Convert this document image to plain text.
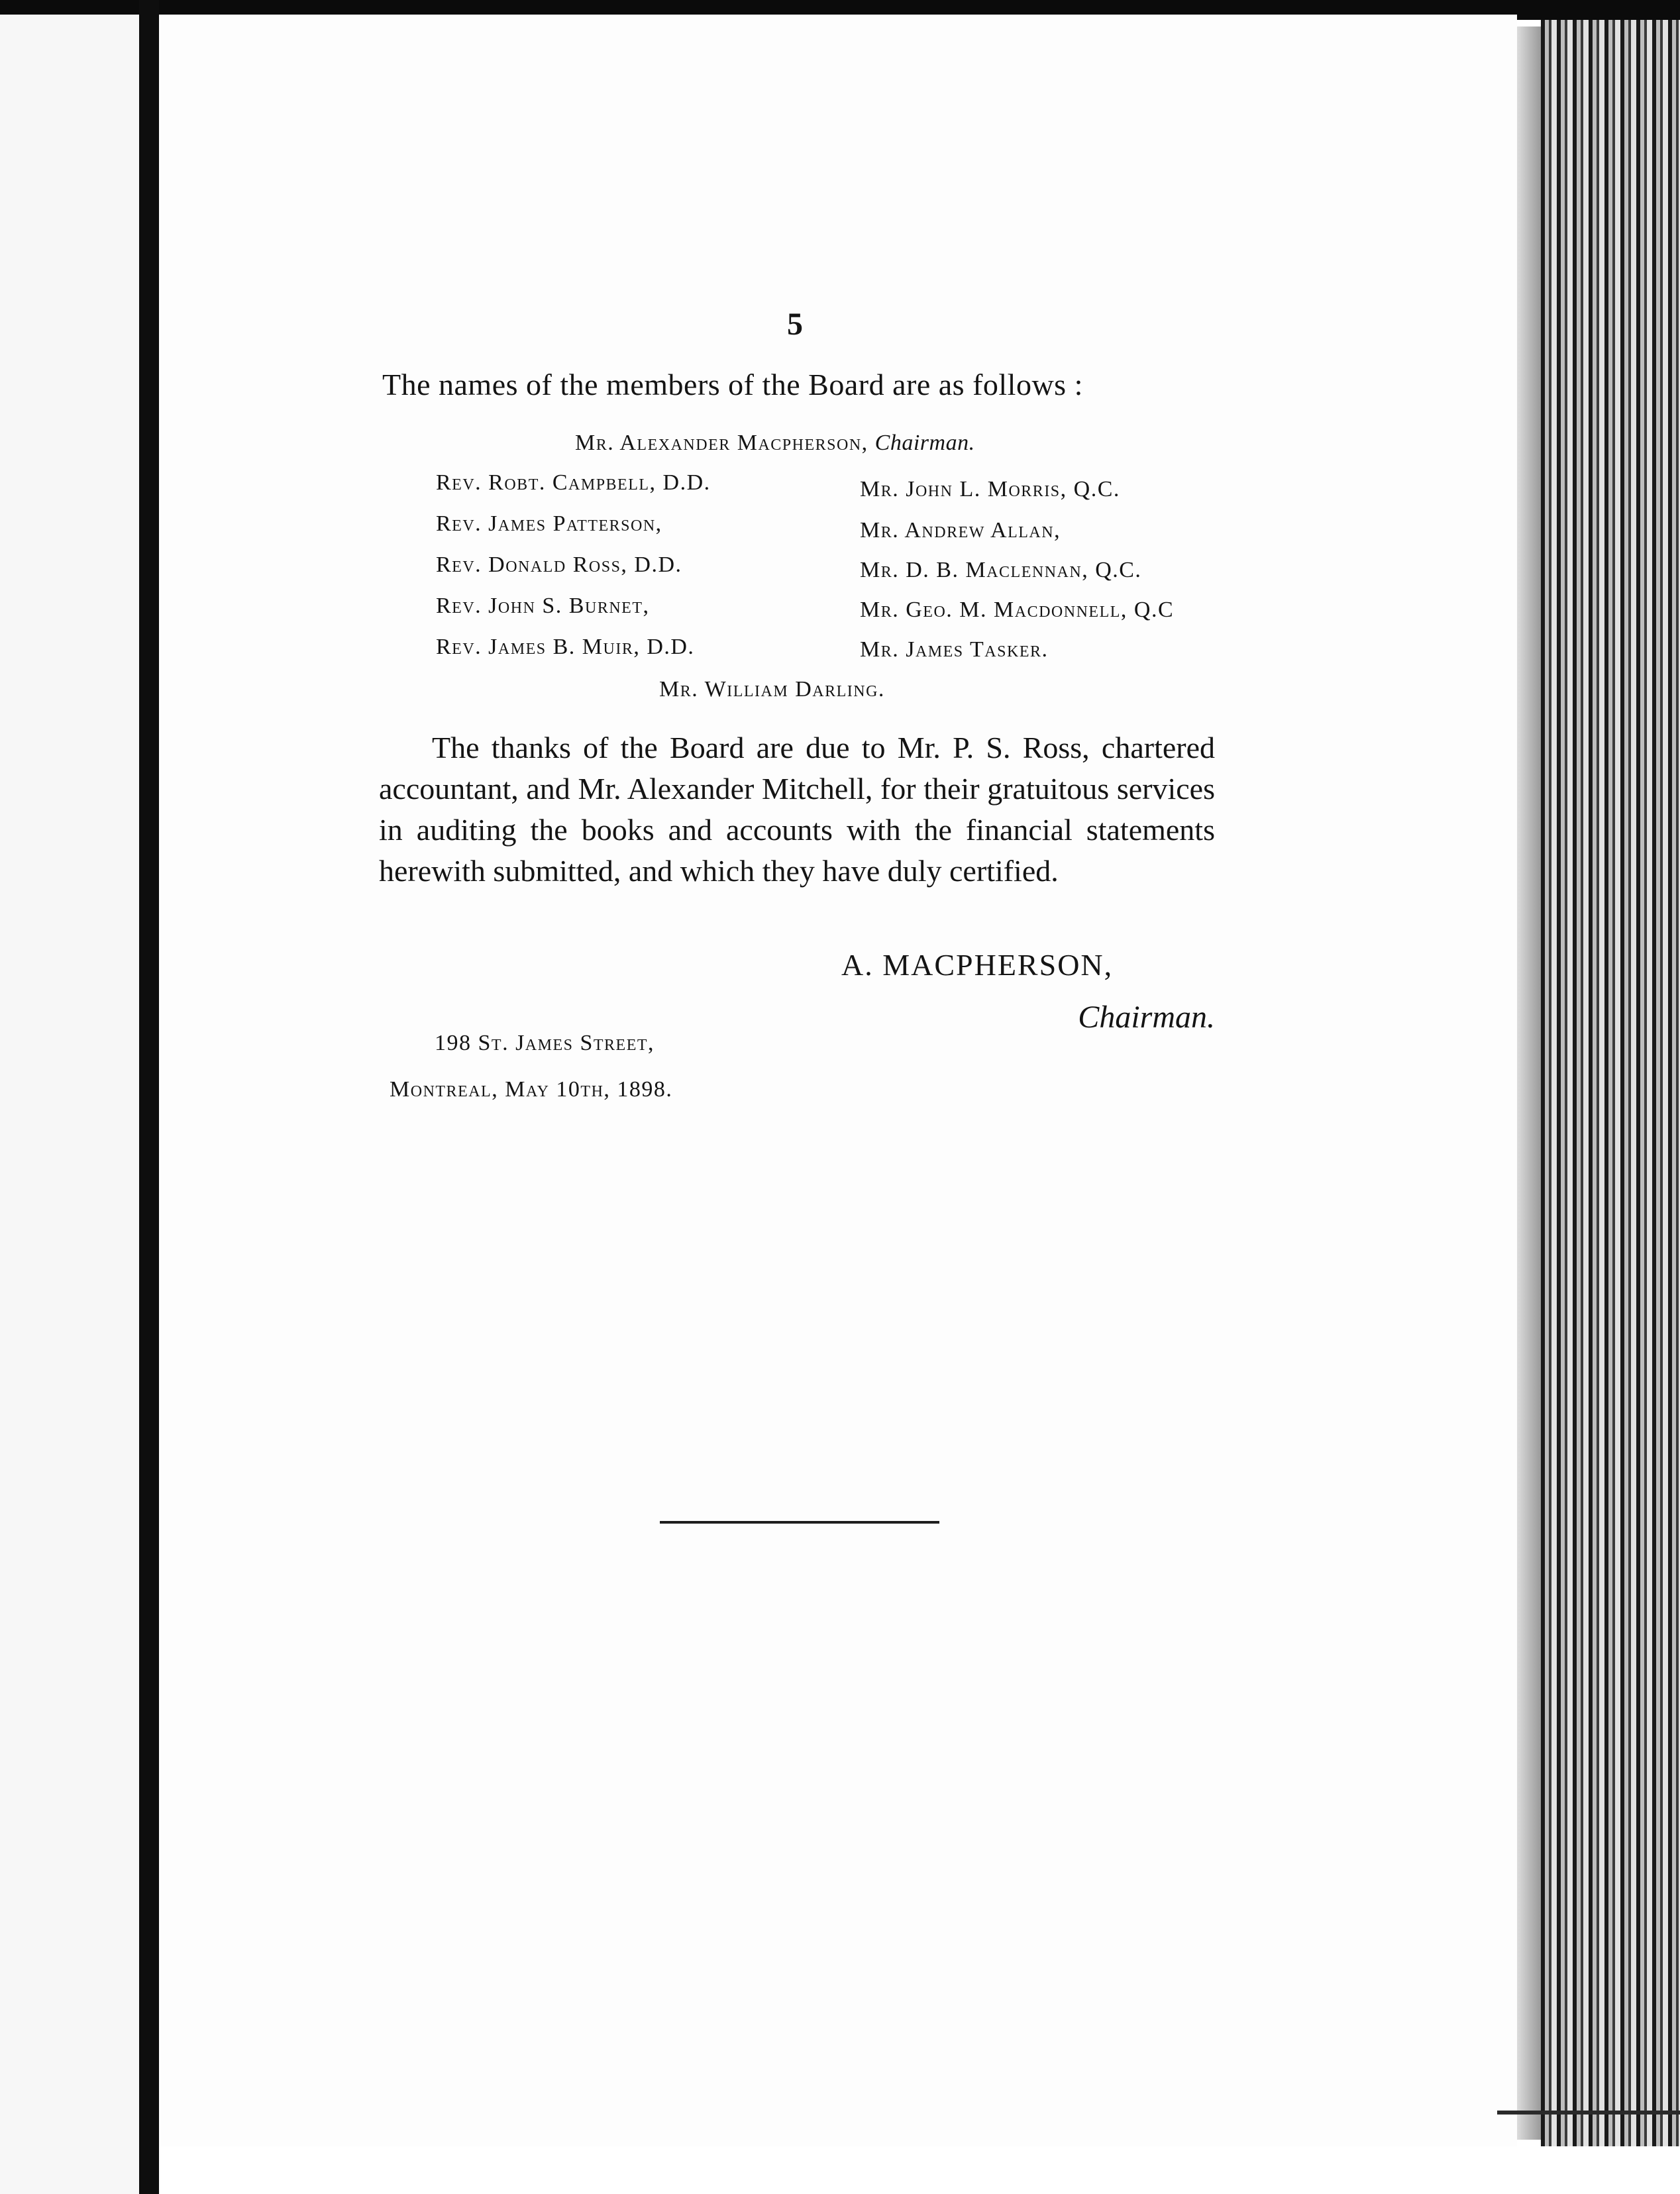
5
The names of the members of the Board are as follows :
Mr. Alexander Macpherson, Chairman.
Rev. Robt. Campbell, D.D.
Rev. James Patterson,
Rev. Donald Ross, D.D.
Rev. John S. Burnet,
Rev. James B. Muir, D.D.
Mr. John L. Morris, Q.C.
Mr. Andrew Allan,
Mr. D. B. Maclennan, Q.C.
Mr. Geo. M. Macdonnell, Q.C
Mr. James Tasker.
Mr. William Darling.

The thanks of the Board are due to Mr. P. S. Ross, chartered accountant, and Mr. Alexander Mitchell, for their gratuitous services in auditing the books and accounts with the financial statements herewith submitted, and which they have duly certified.

A. MACPHERSON,
Chairman.
198 St. James Street,
Montreal, May 10th, 1898.
